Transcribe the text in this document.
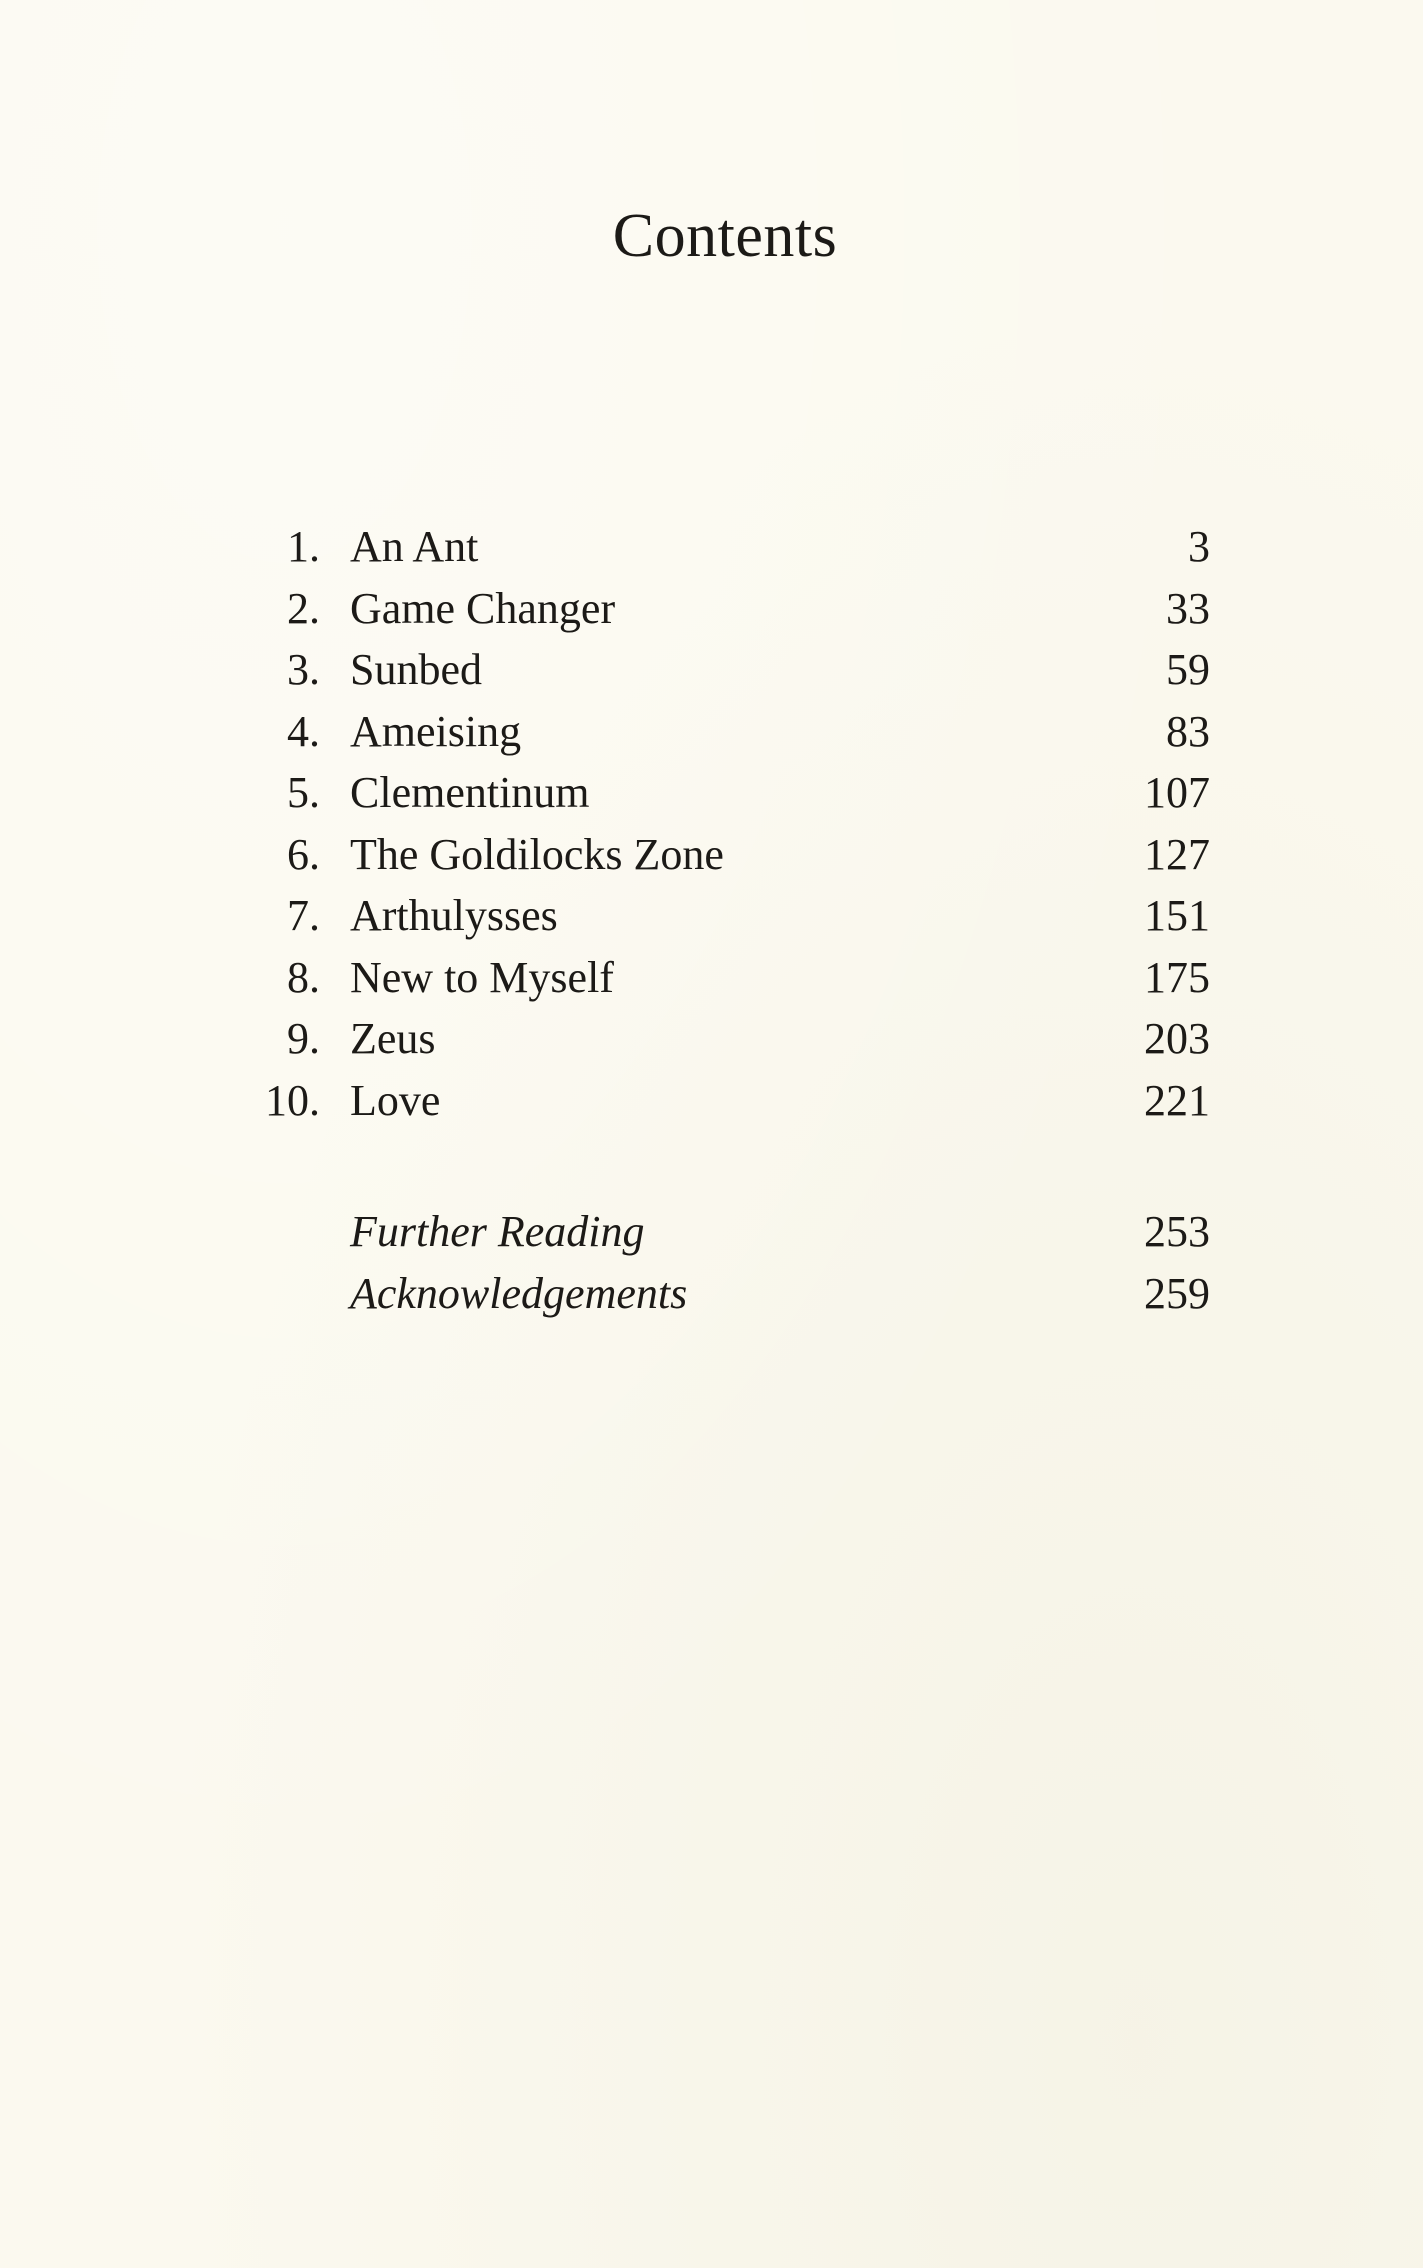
Contents
1. An Ant	3
2. Game Changer	33
3. Sunbed	59
4. Ameising	83
5. Clementinum	107
6. The Goldilocks Zone	127
7. Arthulysses	151
8. New to Myself	175
9. Zeus	203
10. Love	221
Further Reading	253
Acknowledgements	259
